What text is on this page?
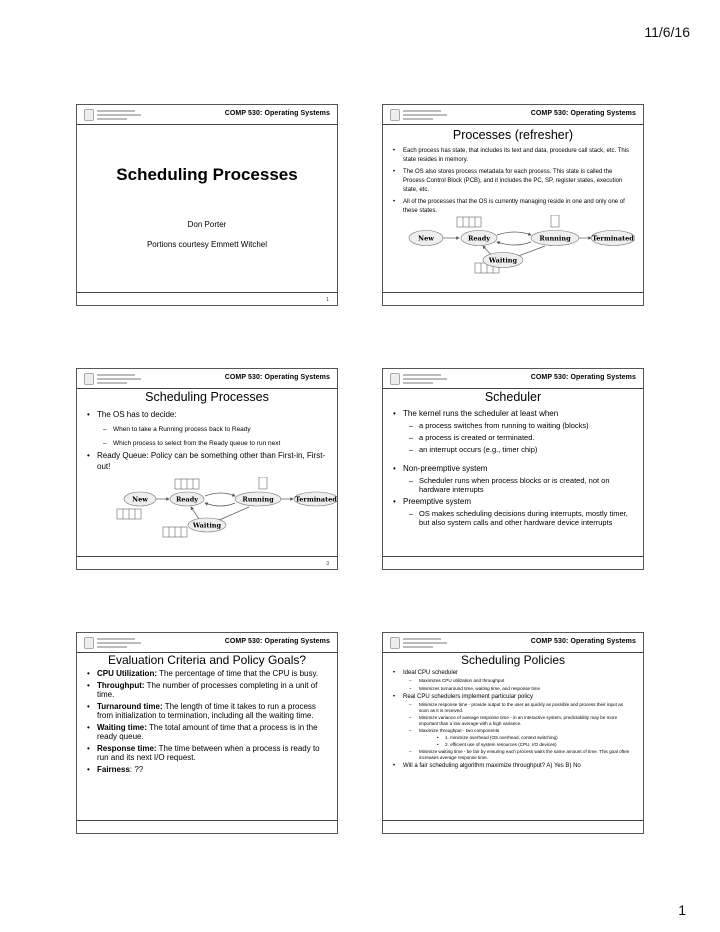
11/6/16
COMP 530: Operating Systems
Scheduling Processes
Don Porter
Portions courtesy Emmett Witchel
1
COMP 530: Operating Systems
Processes (refresher)
• Each process has state, that includes its text and data, procedure call stack, etc. This state resides in memory.
• The OS also stores process metadata for each process. This state is called the Process Control Block (PCB), and it includes the PC, SP, register states, execution state, etc.
• All of the processes that the OS is currently managing reside in one and only one of these states.
New	Ready	Running	Terminated
Waiting
COMP 530: Operating Systems
Scheduling Processes
• The OS has to decide:
– When to take a Running process back to Ready
– Which process to select from the Ready queue to run next
• Ready Queue: Policy can be something other than First-in, First-out!
New	Ready	Running	Terminated
Waiting
3
COMP 530: Operating Systems
Scheduler
• The kernel runs the scheduler at least when
– a process switches from running to waiting (blocks)
– a process is created or terminated.
– an interrupt occurs (e.g., timer chip)
• Non-preemptive system
– Scheduler runs when process blocks or is created, not on hardware interrupts
• Preemptive system
– OS makes scheduling decisions during interrupts, mostly timer, but also system calls and other hardware device interrupts
COMP 530: Operating Systems
Evaluation Criteria and Policy Goals?
• CPU Utilization: The percentage of time that the CPU is busy.
• Throughput: The number of processes completing in a unit of time.
• Turnaround time: The length of time it takes to run a process from initialization to termination, including all the waiting time.
• Waiting time: The total amount of time that a process is in the ready queue.
• Response time: The time between when a process is ready to run and its next I/O request.
• Fairness: ??
COMP 530: Operating Systems
Scheduling Policies
• Ideal CPU scheduler
– Maximizes CPU utilization and throughput
– Minimizes turnaround time, waiting time, and response time
• Real CPU schedulers implement particular policy
– Minimize response time - provide output to the user as quickly as possible and process their input as soon as it is received.
– Minimize variance of average response time - in an interactive system, predictability may be more important than a low average with a high variance.
– Maximize throughput - two components
• 1. minimize overhead (OS overhead, context switching)
• 2. efficient use of system resources (CPU, I/O devices)
– Minimize waiting time - be fair by ensuring each process waits the same amount of time. This goal often increases average response time.
• Will a fair scheduling algorithm maximize throughput? A) Yes B) No
1
